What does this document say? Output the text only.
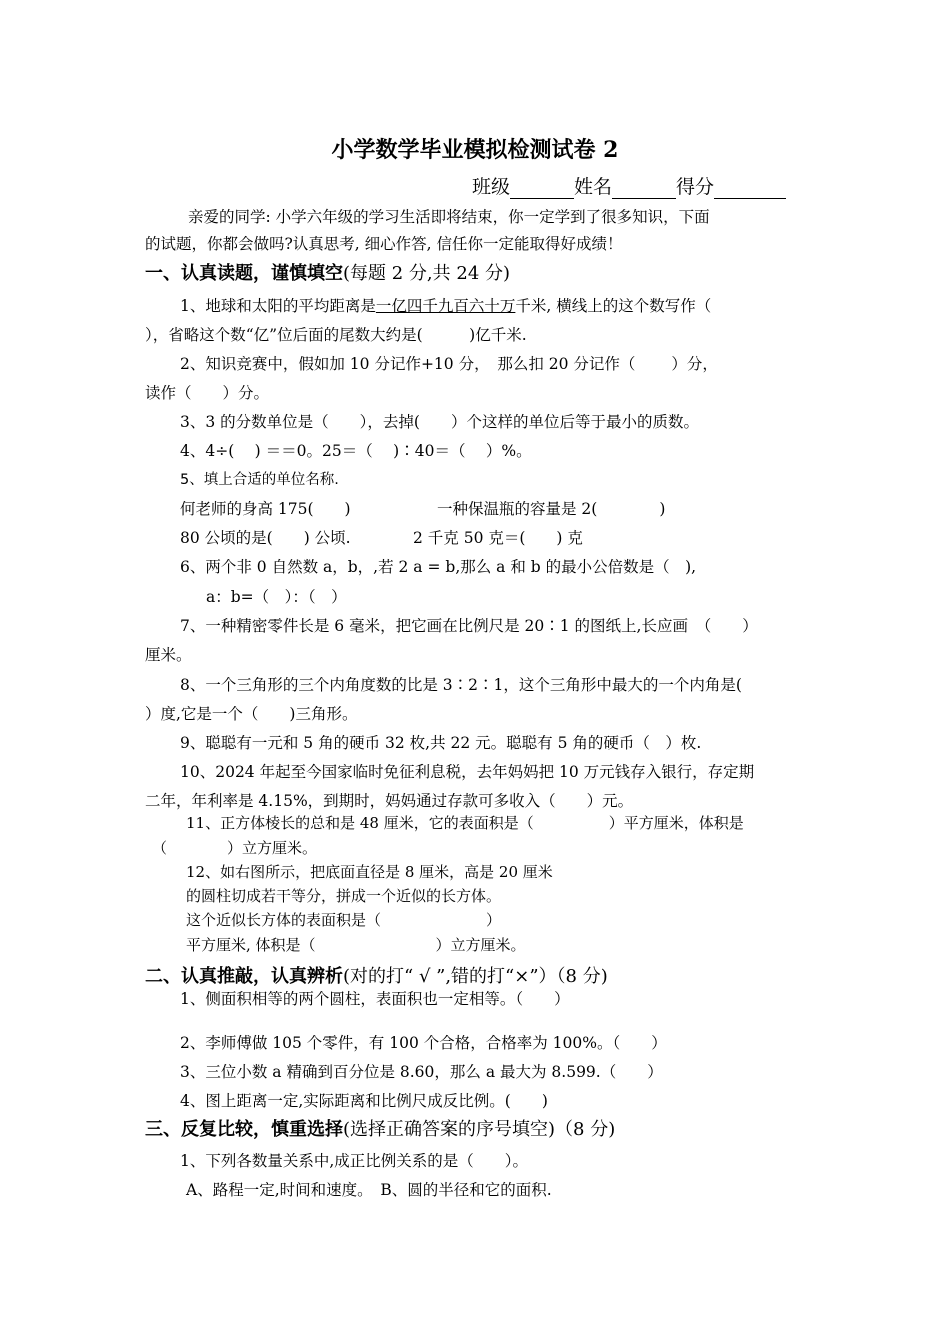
小学数学毕业模拟检测试卷 2
班级	姓名	得分
亲爱的同学: 小学六年级的学习生活即将结束，你一定学到了很多知识，下面
的试题，你都会做吗?认真思考, 细心作答, 信任你一定能取得好成绩！
一、认真读题，谨慎填空(每题 2 分,共 24 分)
1、地球和太阳的平均距离是一亿四千九百六十万千米, 横线上的这个数写作（
），省略这个数“亿”位后面的尾数大约是(　　　)亿千米.
2、知识竞赛中，假如加 10 分记作+10 分，　那么扣 20 分记作（　　 ）分，
读作（　　）分。
3、3 的分数单位是（　　），去掉(　　）个这样的单位后等于最小的质数。
4、4÷(　 ) ＝＝0。25＝（　 )∶40＝（　 ）%。
5、填上合适的单位名称.
何老师的身高 175(　　)	一种保温瓶的容量是 2(　　　　)
80 公顷的是(　　) 公顷.	2 千克 50 克＝(　　) 克
6、两个非 0 自然数 a，b，,若 2 a = b,那么 a 和 b 的最小公倍数是（　),
a：b=（　）：（　）
7、一种精密零件长是 6 毫米，把它画在比例尺是 20∶1 的图纸上,长应画　（　　）
厘米。
8、一个三角形的三个内角度数的比是 3∶2∶1，这个三角形中最大的一个内角是(
）度,它是一个（　　)三角形。
9、聪聪有一元和 5 角的硬币 32 枚,共 22 元。聪聪有 5 角的硬币（　）枚.
10、2024 年起至今国家临时免征利息税，去年妈妈把 10 万元钱存入银行，存定期
二年，年利率是 4.15%，到期时，妈妈通过存款可多收入（　　）元。
11、正方体棱长的总和是 48 厘米，它的表面积是（　　　　　）平方厘米，体积是
（　　　　）立方厘米。
12、如右图所示，把底面直径是 8 厘米，高是 20 厘米
的圆柱切成若干等分，拼成一个近似的长方体。
这个近似长方体的表面积是（　　　　　　　）
平方厘米, 体积是（　　　　　　　　）立方厘米。
二、认真推敲，认真辨析(对的打“ √ ”,错的打“×”）（8 分)
1、侧面积相等的两个圆柱，表面积也一定相等。（　　）
2、李师傅做 105 个零件，有 100 个合格，合格率为 100%。（　　）
3、三位小数 a 精确到百分位是 8.60，那么 a 最大为 8.599.（　　）
4、图上距离一定,实际距离和比例尺成反比例。(　　)
三、反复比较，慎重选择(选择正确答案的序号填空)（8 分)
1、下列各数量关系中,成正比例关系的是（　　）。
A、路程一定,时间和速度。　B、圆的半径和它的面积.
